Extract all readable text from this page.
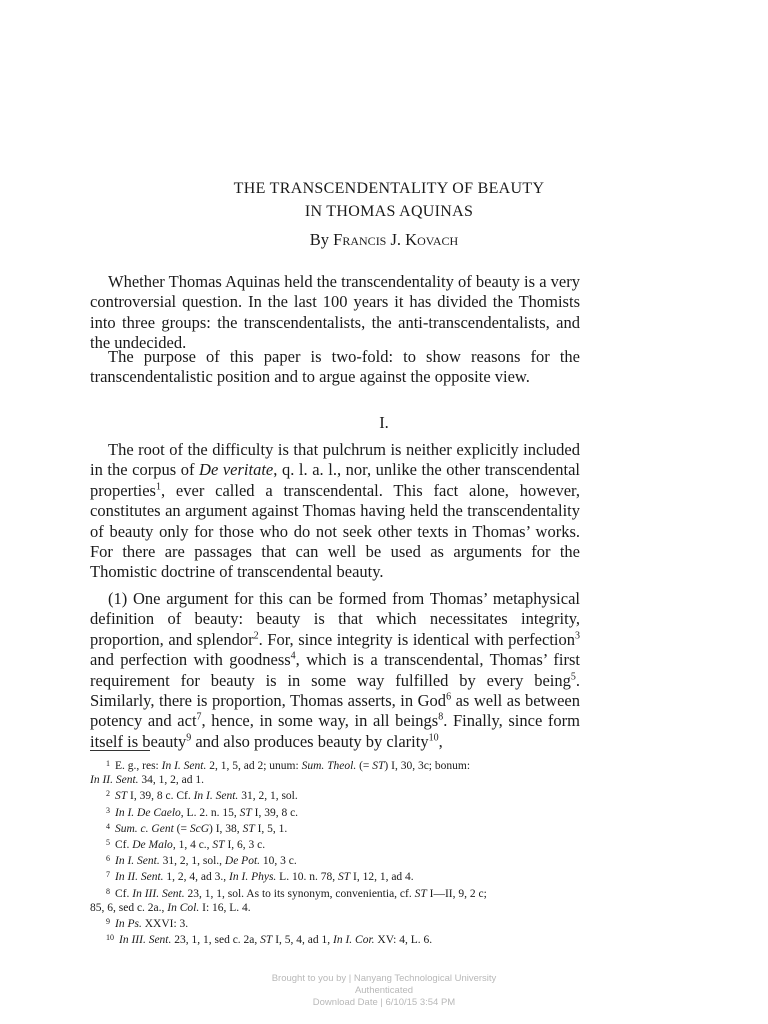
THE TRANSCENDENTALITY OF BEAUTY
IN THOMAS AQUINAS
By Francis J. Kovach

Whether Thomas Aquinas held the transcendentality of beauty is a very controversial question. In the last 100 years it has divided the Thomists into three groups: the transcendentalists, the anti-transcendentalists, and the undecided.

The purpose of this paper is two-fold: to show reasons for the transcendentalistic position and to argue against the opposite view.

I.

The root of the difficulty is that pulchrum is neither explicitly included in the corpus of De veritate, q. l. a. l., nor, unlike the other transcendental properties$^1$, ever called a transcendental. This fact alone, however, constitutes an argument against Thomas having held the transcendentality of beauty only for those who do not seek other texts in Thomas’ works. For there are passages that can well be used as arguments for the Thomistic doctrine of transcendental beauty.

(1) One argument for this can be formed from Thomas’ metaphysical definition of beauty: beauty is that which necessitates integrity, proportion, and splendor$^2$. For, since integrity is identical with perfection$^3$ and perfection with goodness$^4$, which is a transcendental, Thomas’ first requirement for beauty is in some way fulfilled by every being$^5$. Similarly, there is proportion, Thomas asserts, in God$^6$ as well as between potency and act$^7$, hence, in some way, in all beings$^8$. Finally, since form itself is beauty$^9$ and also produces beauty by clarity$^{10}$,

$^1$ E. g., res: In I. Sent. 2, 1, 5, ad 2; unum: Sum. Theol. (= ST) I, 30, 3c; bonum:
In II. Sent. 34, 1, 2, ad 1.

$^2$ ST I, 39, 8 c. Cf. In I. Sent. 31, 2, 1, sol.

$^3$ In I. De Caelo, L. 2. n. 15, ST I, 39, 8 c.

$^4$ Sum. c. Gent (= ScG) I, 38, ST I, 5, 1.

$^5$ Cf. De Malo, 1, 4 c., ST I, 6, 3 c.

$^6$ In I. Sent. 31, 2, 1, sol., De Pot. 10, 3 c.

$^7$ In II. Sent. 1, 2, 4, ad 3., In I. Phys. L. 10. n. 78, ST I, 12, 1, ad 4.

$^8$ Cf. In III. Sent. 23, 1, 1, sol. As to its synonym, convenientia, cf. ST I—II, 9, 2 c;
85, 6, sed c. 2a., In Col. I: 16, L. 4.

$^9$ In Ps. XXVI: 3.

$^{10}$ In III. Sent. 23, 1, 1, sed c. 2a, ST I, 5, 4, ad 1, In I. Cor. XV: 4, L. 6.

Brought to you by | Nanyang Technological University
Authenticated
Download Date | 6/10/15 3:54 PM
